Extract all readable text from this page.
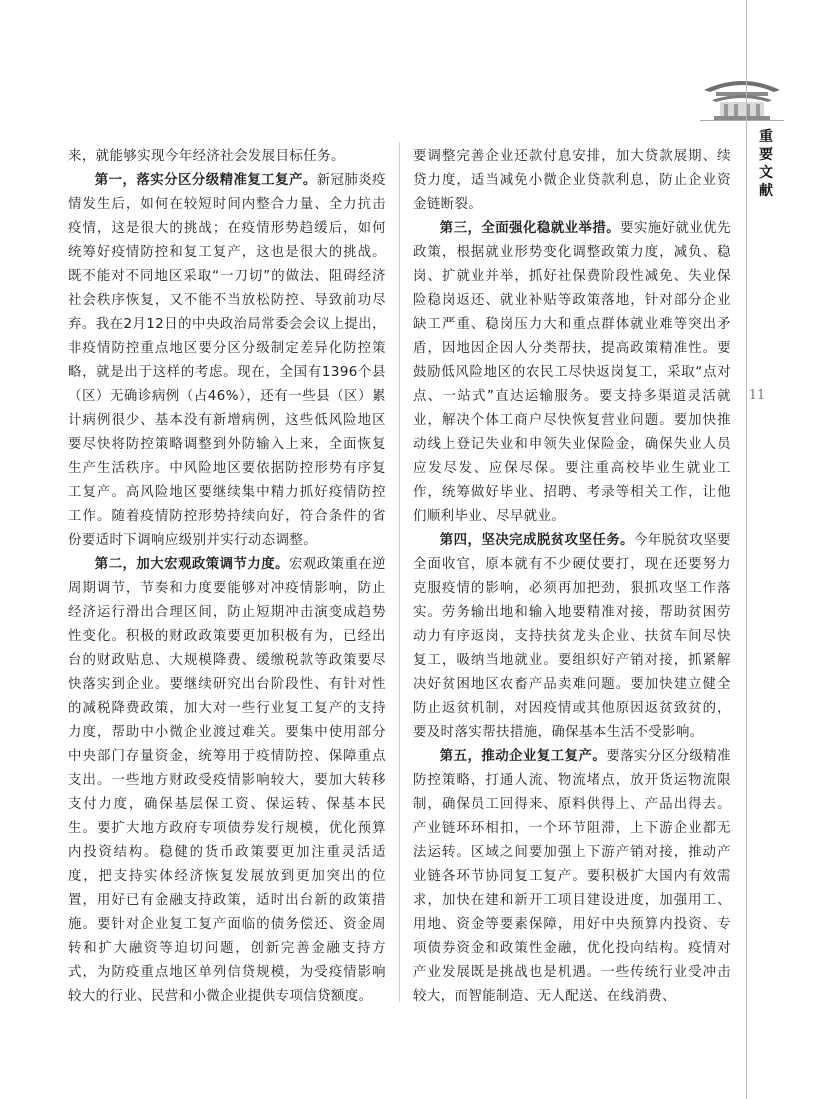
重要文献
11

来，就能够实现今年经济社会发展目标任务。

第一，落实分区分级精准复工复产。新冠肺炎疫情发生后，如何在较短时间内整合力量、全力抗击疫情，这是很大的挑战；在疫情形势趋缓后，如何统筹好疫情防控和复工复产，这也是很大的挑战。既不能对不同地区采取“一刀切”的做法、阻碍经济社会秩序恢复，又不能不当放松防控、导致前功尽弃。我在2月12日的中央政治局常委会会议上提出，非疫情防控重点地区要分区分级制定差异化防控策略，就是出于这样的考虑。现在，全国有1396个县（区）无确诊病例（占46%），还有一些县（区）累计病例很少、基本没有新增病例，这些低风险地区要尽快将防控策略调整到外防输入上来，全面恢复生产生活秩序。中风险地区要依据防控形势有序复工复产。高风险地区要继续集中精力抓好疫情防控工作。随着疫情防控形势持续向好，符合条件的省份要适时下调响应级别并实行动态调整。

第二，加大宏观政策调节力度。宏观政策重在逆周期调节，节奏和力度要能够对冲疫情影响，防止经济运行滑出合理区间，防止短期冲击演变成趋势性变化。积极的财政政策要更加积极有为，已经出台的财政贴息、大规模降费、缓缴税款等政策要尽快落实到企业。要继续研究出台阶段性、有针对性的减税降费政策，加大对一些行业复工复产的支持力度，帮助中小微企业渡过难关。要集中使用部分中央部门存量资金，统筹用于疫情防控、保障重点支出。一些地方财政受疫情影响较大，要加大转移支付力度，确保基层保工资、保运转、保基本民生。要扩大地方政府专项债券发行规模，优化预算内投资结构。稳健的货币政策要更加注重灵活适度，把支持实体经济恢复发展放到更加突出的位置，用好已有金融支持政策，适时出台新的政策措施。要针对企业复工复产面临的债务偿还、资金周转和扩大融资等迫切问题，创新完善金融支持方式，为防疫重点地区单列信贷规模，为受疫情影响较大的行业、民营和小微企业提供专项信贷额度。

要调整完善企业还款付息安排，加大贷款展期、续贷力度，适当减免小微企业贷款利息，防止企业资金链断裂。

第三，全面强化稳就业举措。要实施好就业优先政策，根据就业形势变化调整政策力度，减负、稳岗、扩就业并举，抓好社保费阶段性减免、失业保险稳岗返还、就业补贴等政策落地，针对部分企业缺工严重、稳岗压力大和重点群体就业难等突出矛盾，因地因企因人分类帮扶，提高政策精准性。要鼓励低风险地区的农民工尽快返岗复工，采取“点对点、一站式”直达运输服务。要支持多渠道灵活就业，解决个体工商户尽快恢复营业问题。要加快推动线上登记失业和申领失业保险金，确保失业人员应发尽发、应保尽保。要注重高校毕业生就业工作，统筹做好毕业、招聘、考录等相关工作，让他们顺利毕业、尽早就业。

第四，坚决完成脱贫攻坚任务。今年脱贫攻坚要全面收官，原本就有不少硬仗要打，现在还要努力克服疫情的影响，必须再加把劲，狠抓攻坚工作落实。劳务输出地和输入地要精准对接，帮助贫困劳动力有序返岗，支持扶贫龙头企业、扶贫车间尽快复工，吸纳当地就业。要组织好产销对接，抓紧解决好贫困地区农畜产品卖难问题。要加快建立健全防止返贫机制，对因疫情或其他原因返贫致贫的，要及时落实帮扶措施，确保基本生活不受影响。

第五，推动企业复工复产。要落实分区分级精准防控策略，打通人流、物流堵点，放开货运物流限制，确保员工回得来、原料供得上、产品出得去。产业链环环相扣，一个环节阻滞，上下游企业都无法运转。区域之间要加强上下游产销对接，推动产业链各环节协同复工复产。要积极扩大国内有效需求，加快在建和新开工项目建设进度，加强用工、用地、资金等要素保障，用好中央预算内投资、专项债券资金和政策性金融，优化投向结构。疫情对产业发展既是挑战也是机遇。一些传统行业受冲击较大，而智能制造、无人配送、在线消费、
